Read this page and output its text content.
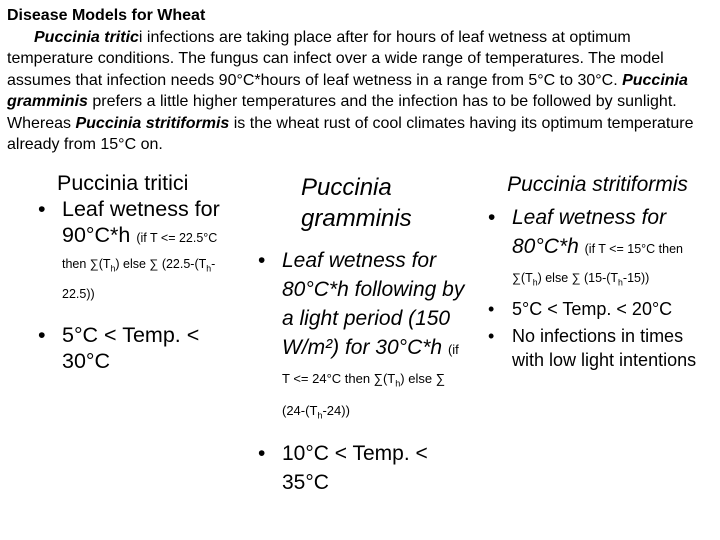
Disease Models for Wheat
Puccinia tritici infections are taking place after for hours of leaf wetness at optimum temperature conditions. The fungus can infect over a wide range of temperatures. The model assumes that infection needs 90°C*hours of leaf wetness in a range from 5°C to 30°C. Puccinia gramminis prefers a little higher temperatures and the infection has to be followed by sunlight. Whereas Puccinia stritiformis is the wheat rust of cool climates having its optimum temperature already from 15°C on.
Puccinia tritici
• Leaf wetness for 90°C*h (if T <= 22.5°C then $\sum(T_h)$ else ∑ $(22.5-(T_h-22.5))$
• 5°C < Temp. < 30°C
Puccinia gramminis
• Leaf wetness for 80°C*h following by a light period (150 W/m²) for 30°C*h (if T <= 24°C then $\sum(T_h)$ else ∑ $(24-(T_h-24))$
• 10°C < Temp. < 35°C
Puccinia stritiformis
• Leaf wetness for 80°C*h (if T <= 15°C then $\sum(T_h)$ else ∑ $(15-(T_h-15))$
• 5°C < Temp. < 20°C
• No infections in times with low light intentions
